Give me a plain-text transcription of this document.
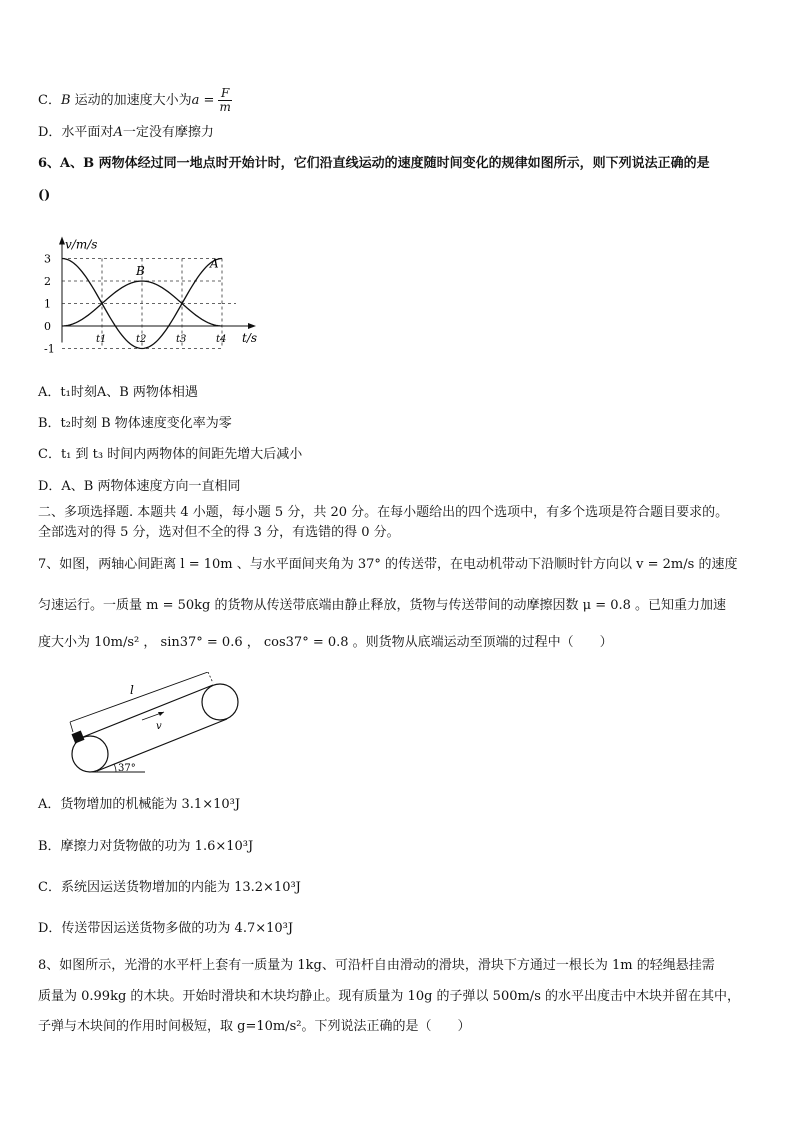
C．B 运动的加速度大小为$a = \frac{F}{m}$
D．水平面对A一定没有摩擦力
6、A、B 两物体经过同一地点时开始计时，它们沿直线运动的速度随时间变化的规律如图所示，则下列说法正确的是
()
v/m/s
t/s
3
2
1
0
-1
t1	t2	t3	t4
A
B
A．t₁时刻A、B 两物体相遇
B．t₂时刻 B 物体速度变化率为零
C．t₁ 到 t₃ 时间内两物体的间距先增大后减小
D．A、B 两物体速度方向一直相同
二、多项选择题. 本题共 4 小题，每小题 5 分，共 20 分。在每小题给出的四个选项中，有多个选项是符合题目要求的。
全部选对的得 5 分，选对但不全的得 3 分，有选错的得 0 分。
7、如图，两轴心间距离 l = 10m 、与水平面间夹角为 37° 的传送带，在电动机带动下沿顺时针方向以 v = 2m/s 的速度
匀速运行。一质量 m = 50kg 的货物从传送带底端由静止释放，货物与传送带间的动摩擦因数 μ = 0.8 。已知重力加速
度大小为 10m/s² ， sin37° = 0.6 ， cos37° = 0.8 。则货物从底端运动至顶端的过程中（　　）
l
v
37°
A．货物增加的机械能为 3.1×10³J
B．摩擦力对货物做的功为 1.6×10³J
C．系统因运送货物增加的内能为 13.2×10³J
D．传送带因运送货物多做的功为 4.7×10³J
8、如图所示，光滑的水平杆上套有一质量为 1kg、可沿杆自由滑动的滑块，滑块下方通过一根长为 1m 的轻绳悬挂需
质量为 0.99kg 的木块。开始时滑块和木块均静止。现有质量为 10g 的子弹以 500m/s 的水平出度击中木块并留在其中，
子弹与木块间的作用时间极短，取 g=10m/s²。下列说法正确的是（　　）
